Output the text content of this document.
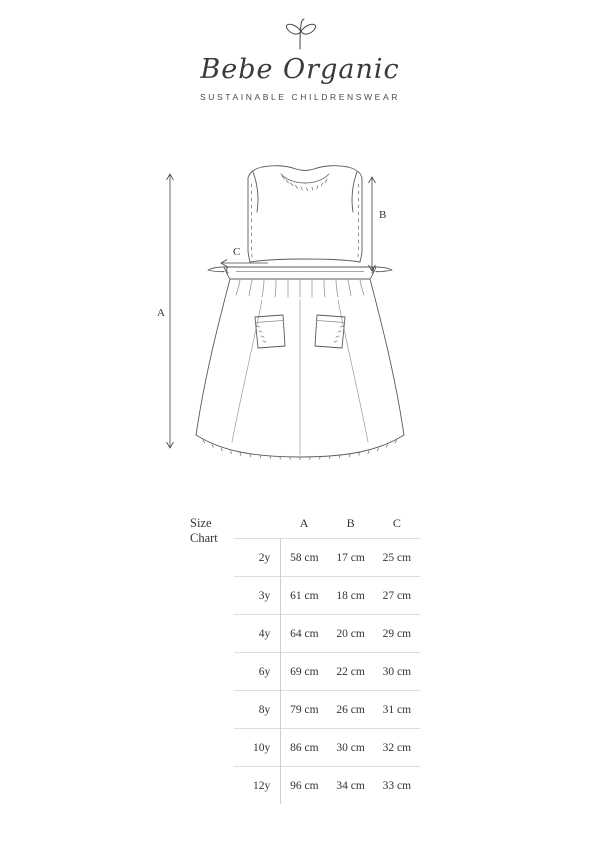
Bebe Organic
SUSTAINABLE CHILDRENSWEAR
A
B
C
Size
Chart
	A	B	C
2y	58 cm	17 cm	25 cm
3y	61 cm	18 cm	27 cm
4y	64 cm	20 cm	29 cm
6y	69 cm	22 cm	30 cm
8y	79 cm	26 cm	31 cm
10y	86 cm	30 cm	32 cm
12y	96 cm	34 cm	33 cm
